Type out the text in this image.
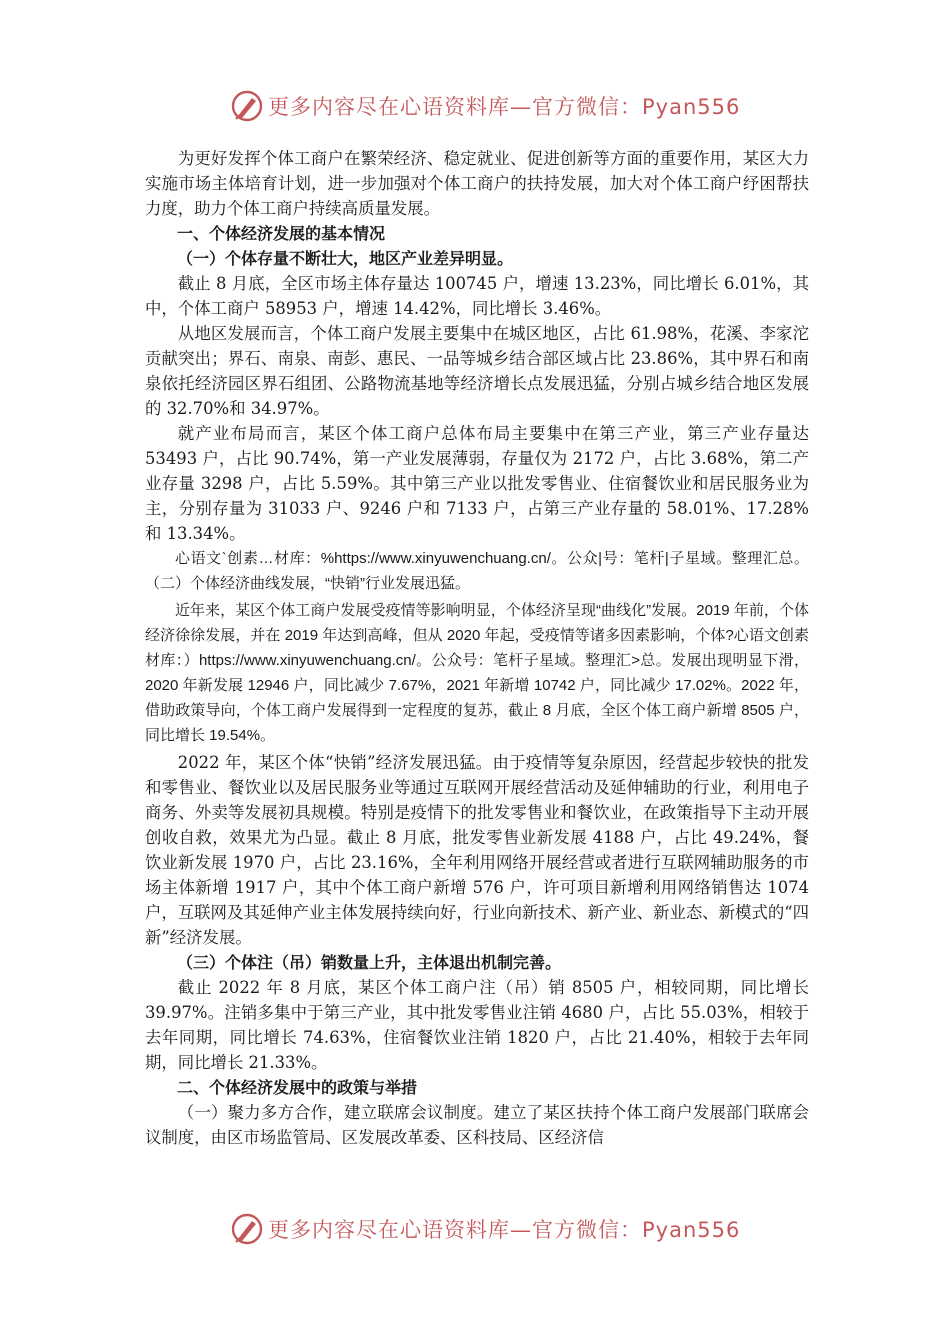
更多内容尽在心语资料库—官方微信：Pyan556

为更好发挥个体工商户在繁荣经济、稳定就业、促进创新等方面的重要作用，某区大力实施市场主体培育计划，进一步加强对个体工商户的扶持发展，加大对个体工商户纾困帮扶力度，助力个体工商户持续高质量发展。

一、个体经济发展的基本情况

（一）个体存量不断壮大，地区产业差异明显。

截止 8 月底，全区市场主体存量达 100745 户，增速 13.23%，同比增长 6.01%，其中，个体工商户 58953 户，增速 14.42%，同比增长 3.46%。

从地区发展而言，个体工商户发展主要集中在城区地区，占比 61.98%，花溪、李家沱贡献突出；界石、南泉、南彭、惠民、一品等城乡结合部区域占比 23.86%，其中界石和南泉依托经济园区界石组团、公路物流基地等经济增长点发展迅猛，分别占城乡结合地区发展的 32.70%和 34.97%。

就产业布局而言，某区个体工商户总体布局主要集中在第三产业，第三产业存量达 53493 户，占比 90.74%，第一产业发展薄弱，存量仅为 2172 户，占比 3.68%，第二产业存量 3298 户，占比 5.59%。其中第三产业以批发零售业、住宿餐饮业和居民服务业为主，分别存量为 31033 户、9246 户和 7133 户，占第三产业存量的 58.01%、17.28%和 13.34%。

心语文`创素…材库：%https://www.xinyuwenchuang.cn/。公众|号：笔杆|子星域。整理汇总。（二）个体经济曲线发展，“快销”行业发展迅猛。

近年来，某区个体工商户发展受疫情等影响明显，个体经济呈现“曲线化”发展。2019 年前，个体经济徐徐发展，并在 2019 年达到高峰，但从 2020 年起，受疫情等诸多因素影响，个体?心语文创素材库：）https://www.xinyuwenchuang.cn/。公众号：笔杆子星域。整理汇>总。发展出现明显下滑，2020 年新发展 12946 户，同比减少 7.67%，2021 年新增 10742 户，同比减少 17.02%。2022 年，借助政策导向，个体工商户发展得到一定程度的复苏，截止 8 月底，全区个体工商户新增 8505 户，同比增长 19.54%。

2022 年，某区个体“快销”经济发展迅猛。由于疫情等复杂原因，经营起步较快的批发和零售业、餐饮业以及居民服务业等通过互联网开展经营活动及延伸辅助的行业，利用电子商务、外卖等发展初具规模。特别是疫情下的批发零售业和餐饮业，在政策指导下主动开展创收自救，效果尤为凸显。截止 8 月底，批发零售业新发展 4188 户，占比 49.24%，餐饮业新发展 1970 户，占比 23.16%，全年利用网络开展经营或者进行互联网辅助服务的市场主体新增 1917 户，其中个体工商户新增 576 户，许可项目新增利用网络销售达 1074 户，互联网及其延伸产业主体发展持续向好，行业向新技术、新产业、新业态、新模式的“四新”经济发展。

（三）个体注（吊）销数量上升，主体退出机制完善。

截止 2022 年 8 月底，某区个体工商户注（吊）销 8505 户，相较同期，同比增长 39.97%。注销多集中于第三产业，其中批发零售业注销 4680 户，占比 55.03%，相较于去年同期，同比增长 74.63%，住宿餐饮业注销 1820 户，占比 21.40%，相较于去年同期，同比增长 21.33%。

二、个体经济发展中的政策与举措

（一）聚力多方合作，建立联席会议制度。建立了某区扶持个体工商户发展部门联席会议制度，由区市场监管局、区发展改革委、区科技局、区经济信

更多内容尽在心语资料库—官方微信：Pyan556
